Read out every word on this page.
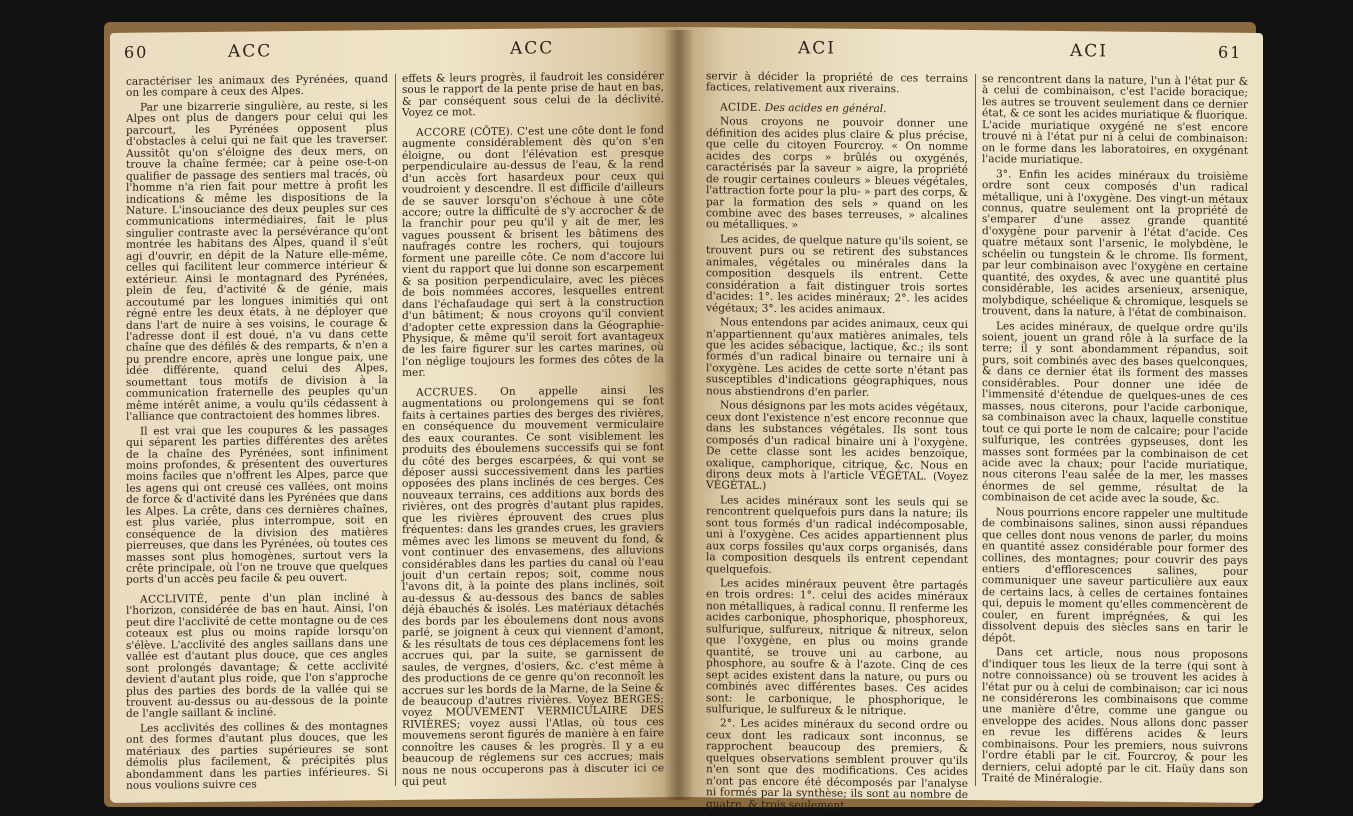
60	ACC	ACC

caractériser les animaux des Pyrénées, quand on les compare à ceux des Alpes.

Par une bizarrerie singulière, au reste, si les Alpes ont plus de dangers pour celui qui les parcourt, les Pyrénées opposent plus d'obstacles à celui qui ne fait que les traverser. Aussitôt qu'on s'éloigne des deux mers, on trouve la chaîne fermée; car à peine ose-t-on qualifier de passage des sentiers mal tracés, où l'homme n'a rien fait pour mettre à profit les indications & même les dispositions de la Nature. L'insouciance des deux peuples sur ces communications intermédiaires, fait le plus singulier contraste avec la persévérance qu'ont montrée les habitans des Alpes, quand il s'eût agi d'ouvrir, en dépit de la Nature elle-même, celles qui facilitent leur commerce intérieur & extérieur. Ainsi le montagnard des Pyrénées, plein de feu, d'activité & de génie, mais accoutumé par les longues inimitiés qui ont régné entre les deux états, à ne déployer que dans l'art de nuire à ses voisins, le courage & l'adresse dont il est doué, n'a vu dans cette chaîne que des défilés & des remparts, & n'en a pu prendre encore, après une longue paix, une idée différente, quand celui des Alpes, soumettant tous motifs de division à la communication fraternelle des peuples qu'un même intérêt anime, a voulu qu'ils cédassent à l'alliance que contractoient des hommes libres.

Il est vrai que les coupures & les passages qui séparent les parties différentes des arêtes de la chaîne des Pyrénées, sont infiniment moins profondes, & présentent des ouvertures moins faciles que n'offrent les Alpes, parce que les agens qui ont creusé ces vallées, ont moins de force & d'activité dans les Pyrénées que dans les Alpes. La crête, dans ces dernières chaînes, est plus variée, plus interrompue, soit en conséquence de la division des matières pierreuses, que dans les Pyrénées, où toutes ces masses sont plus homogènes, surtout vers la crête principale, où l'on ne trouve que quelques ports d'un accès peu facile & peu ouvert.

ACCLIVITÉ, pente d'un plan incliné à l'horizon, considérée de bas en haut. Ainsi, l'on peut dire l'acclivité de cette montagne ou de ces coteaux est plus ou moins rapide lorsqu'on s'élève. L'acclivité des angles saillans dans une vallée est d'autant plus douce, que ces angles sont prolongés davantage; & cette acclivité devient d'autant plus roide, que l'on s'approche plus des parties des bords de la vallée qui se trouvent au-dessus ou au-dessous de la pointe de l'angle saillant & incliné.

Les acclivités des collines & des montagnes ont des formes d'autant plus douces, que les matériaux des parties supérieures se sont démolis plus facilement, & précipités plus abondamment dans les parties inférieures. Si nous voulions suivre ces

effets & leurs progrès, il faudroit les considérer sous le rapport de la pente prise de haut en bas, & par conséquent sous celui de la déclivité. Voyez ce mot.

ACCORE (CÔTE). C'est une côte dont le fond augmente considérablement dès qu'on s'en éloigne, ou dont l'élévation est presque perpendiculaire au-dessus de l'eau, & la rend d'un accès fort hasardeux pour ceux qui voudroient y descendre. Il est difficile d'ailleurs de se sauver lorsqu'on s'échoue à une côte accore; outre la difficulté de s'y accrocher & de la franchir pour peu qu'il y ait de mer, les vagues poussent & brisent les bâtimens des naufragés contre les rochers, qui toujours forment une pareille côte. Ce nom d'accore lui vient du rapport que lui donne son escarpement & sa position perpendiculaire, avec les pièces de bois nommées accores, lesquelles entrent dans l'échafaudage qui sert à la construction d'un bâtiment; & nous croyons qu'il convient d'adopter cette expression dans la Géographie-Physique, & même qu'il seroit fort avantageux de les faire figurer sur les cartes marines, où l'on néglige toujours les formes des côtes de la mer.

ACCRUES. On appelle ainsi les augmentations ou prolongemens qui se font faits à certaines parties des berges des rivières, en conséquence du mouvement vermiculaire des eaux courantes. Ce sont visiblement les produits des éboulemens successifs qui se font du côté des berges escarpées, & qui vont se déposer aussi successivement dans les parties opposées des plans inclinés de ces berges. Ces nouveaux terrains, ces additions aux bords des rivières, ont des progrès d'autant plus rapides, que les rivières éprouvent des crues plus fréquentes: dans les grandes crues, les graviers mêmes avec les limons se meuvent du fond, & vont continuer des envasemens, des alluvions considérables dans les parties du canal où l'eau jouit d'un certain repos; soit, comme nous l'avons dit, à la pointe des plans inclinés, soit au-dessus & au-dessous des bancs de sables déjà ébauchés & isolés. Les matériaux détachés des bords par les éboulemens dont nous avons parlé, se joignent à ceux qui viennent d'amont, & les résultats de tous ces déplacemens font les accrues qui, par la suite, se garnissent de saules, de vergnes, d'osiers, &c. c'est même à des productions de ce genre qu'on reconnoît les accrues sur les bords de la Marne, de la Seine & de beaucoup d'autres rivières. Voyez BERGES; voyez MOUVEMENT VERMICULAIRE DES RIVIÈRES; voyez aussi l'Atlas, où tous ces mouvemens seront figurés de manière à en faire connoître les causes & les progrès. Il y a eu beaucoup de réglemens sur ces accrues; mais nous ne nous occuperons pas à discuter ici ce qui peut

ACI	ACI	61

servir à décider la propriété de ces terrains factices, relativement aux riverains.

ACIDE. Des acides en général.

Nous croyons ne pouvoir donner une définition des acides plus claire & plus précise, que celle du citoyen Fourcroy. « On nomme acides des corps » brûlés ou oxygénés, caractérisés par la saveur » aigre, la propriété de rougir certaines couleurs » bleues végétales, l'attraction forte pour la plu- » part des corps, & par la formation des sels » quand on les combine avec des bases terreuses, » alcalines ou métalliques. »

Les acides, de quelque nature qu'ils soient, se trouvent purs ou se retirent des substances animales, végétales ou minérales dans la composition desquels ils entrent. Cette considération a fait distinguer trois sortes d'acides: 1°. les acides minéraux; 2°. les acides végétaux; 3°. les acides animaux.

Nous entendons par acides animaux, ceux qui n'appartiennent qu'aux matières animales, tels que les acides sébacique, lactique, &c.; ils sont formés d'un radical binaire ou ternaire uni à l'oxygène. Les acides de cette sorte n'étant pas susceptibles d'indications géographiques, nous nous abstiendrons d'en parler.

Nous désignons par les mots acides végétaux, ceux dont l'existence n'est encore reconnue que dans les substances végétales. Ils sont tous composés d'un radical binaire uni à l'oxygène. De cette classe sont les acides benzoïque, oxalique, camphorique, citrique, &c. Nous en dirons deux mots à l'article VÉGÉTAL. (Voyez VÉGÉTAL.)

Les acides minéraux sont les seuls qui se rencontrent quelquefois purs dans la nature; ils sont tous formés d'un radical indécomposable, uni à l'oxygène. Ces acides appartiennent plus aux corps fossiles qu'aux corps organisés, dans la composition desquels ils entrent cependant quelquefois.

Les acides minéraux peuvent être partagés en trois ordres: 1°. celui des acides minéraux non métalliques, à radical connu. Il renferme les acides carbonique, phosphorique, phosphoreux, sulfurique, sulfureux, nitrique & nitreux, selon que l'oxygène, en plus ou moins grande quantité, se trouve uni au carbone, au phosphore, au soufre & à l'azote. Cinq de ces sept acides existent dans la nature, ou purs ou combinés avec différentes bases. Ces acides sont: le carbonique, le phosphorique, le sulfurique, le sulfureux & le nitrique.

2°. Les acides minéraux du second ordre ou ceux dont les radicaux sont inconnus, se rapprochent beaucoup des premiers, & quelques observations semblent prouver qu'ils n'en sont que des modifications. Ces acides n'ont pas encore été décomposés par l'analyse ni formés par la synthèse; ils sont au nombre de quatre, & trois seulement

se rencontrent dans la nature, l'un à l'état pur & à celui de combinaison, c'est l'acide boracique; les autres se trouvent seulement dans ce dernier état, & ce sont les acides muriatique & fluorique. L'acide muriatique oxygéné ne s'est encore trouvé ni à l'état pur ni à celui de combinaison: on le forme dans les laboratoires, en oxygénant l'acide muriatique.

3°. Enfin les acides minéraux du troisième ordre sont ceux composés d'un radical métallique, uni à l'oxygène. Des vingt-un métaux connus, quatre seulement ont la propriété de s'emparer d'une assez grande quantité d'oxygène pour parvenir à l'état d'acide. Ces quatre métaux sont l'arsenic, le molybdène, le schéelin ou tungstein & le chrome. Ils forment, par leur combinaison avec l'oxygène en certaine quantité, des oxydes, & avec une quantité plus considérable, les acides arsenieux, arsenique, molybdique, schéelique & chromique, lesquels se trouvent, dans la nature, à l'état de combinaison.

Les acides minéraux, de quelque ordre qu'ils soient, jouent un grand rôle à la surface de la terre; il y sont abondamment répandus, soit purs, soit combinés avec des bases quelconques, & dans ce dernier état ils forment des masses considérables. Pour donner une idée de l'immensité d'étendue de quelques-unes de ces masses, nous citerons, pour l'acide carbonique, sa combinaison avec la chaux, laquelle constitue tout ce qui porte le nom de calcaire; pour l'acide sulfurique, les contrées gypseuses, dont les masses sont formées par la combinaison de cet acide avec la chaux; pour l'acide muriatique, nous citerons l'eau salée de la mer, les masses énormes de sel gemme, résultat de la combinaison de cet acide avec la soude, &c.

Nous pourrions encore rappeler une multitude de combinaisons salines, sinon aussi répandues que celles dont nous venons de parler, du moins en quantité assez considérable pour former des collines, des montagnes; pour couvrir des pays entiers d'efflorescences salines, pour communiquer une saveur particulière aux eaux de certains lacs, à celles de certaines fontaines qui, depuis le moment qu'elles commencèrent de couler, en furent imprégnées, & qui les dissolvent depuis des siècles sans en tarir le dépôt.

Dans cet article, nous nous proposons d'indiquer tous les lieux de la terre (qui sont à notre connoissance) où se trouvent les acides à l'état pur ou à celui de combinaison; car ici nous ne considérerons les combinaisons que comme une manière d'être, comme une gangue ou enveloppe des acides. Nous allons donc passer en revue les différens acides & leurs combinaisons. Pour les premiers, nous suivrons l'ordre établi par le cit. Fourcroy, & pour les derniers, celui adopté par le cit. Haüy dans son Traité de Minéralogie.
